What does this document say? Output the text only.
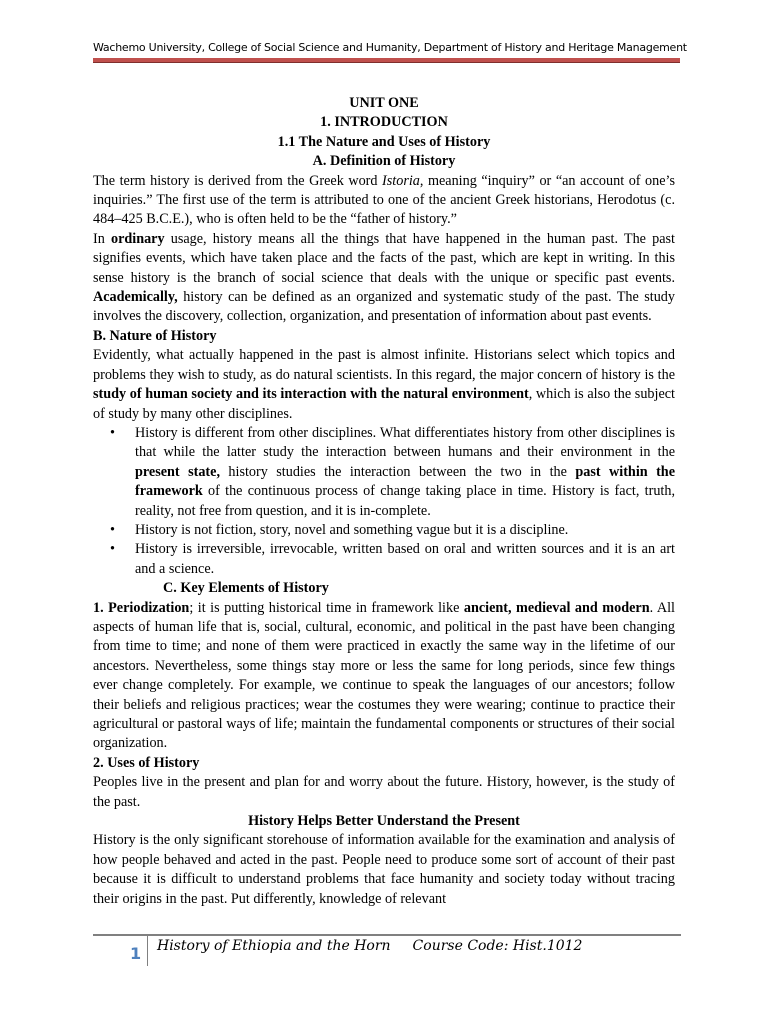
Wachemo University, College of Social Science and Humanity, Department of History and Heritage Management

UNIT ONE

1. INTRODUCTION

1.1 The Nature and Uses of History

A. Definition of History

The term history is derived from the Greek word Istoria, meaning “inquiry” or “an account of one’s inquiries.” The first use of the term is attributed to one of the ancient Greek historians, Herodotus (c. 484–425 B.C.E.), who is often held to be the “father of history.”

In ordinary usage, history means all the things that have happened in the human past. The past signifies events, which have taken place and the facts of the past, which are kept in writing. In this sense history is the branch of social science that deals with the unique or specific past events. Academically, history can be defined as an organized and systematic study of the past. The study involves the discovery, collection, organization, and presentation of information about past events.

B. Nature of History

Evidently, what actually happened in the past is almost infinite. Historians select which topics and problems they wish to study, as do natural scientists. In this regard, the major concern of history is the study of human society and its interaction with the natural environment, which is also the subject of study by many other disciplines.

• History is different from other disciplines. What differentiates history from other disciplines is that while the latter study the interaction between humans and their environment in the present state, history studies the interaction between the two in the past within the framework of the continuous process of change taking place in time. History is fact, truth, reality, not free from question, and it is in-complete.
• History is not fiction, story, novel and something vague but it is a discipline.
• History is irreversible, irrevocable, written based on oral and written sources and it is an art and a science.

C. Key Elements of History

1. Periodization; it is putting historical time in framework like ancient, medieval and modern. All aspects of human life that is, social, cultural, economic, and political in the past have been changing from time to time; and none of them were practiced in exactly the same way in the lifetime of our ancestors. Nevertheless, some things stay more or less the same for long periods, since few things ever change completely. For example, we continue to speak the languages of our ancestors; follow their beliefs and religious practices; wear the costumes they were wearing; continue to practice their agricultural or pastoral ways of life; maintain the fundamental components or structures of their social organization.

2. Uses of History

Peoples live in the present and plan for and worry about the future. History, however, is the study of the past.

History Helps Better Understand the Present

History is the only significant storehouse of information available for the examination and analysis of how people behaved and acted in the past. People need to produce some sort of account of their past because it is difficult to understand problems that face humanity and society today without tracing their origins in the past. Put differently, knowledge of relevant

1 History of Ethiopia and the Horn Course Code: Hist.1012
